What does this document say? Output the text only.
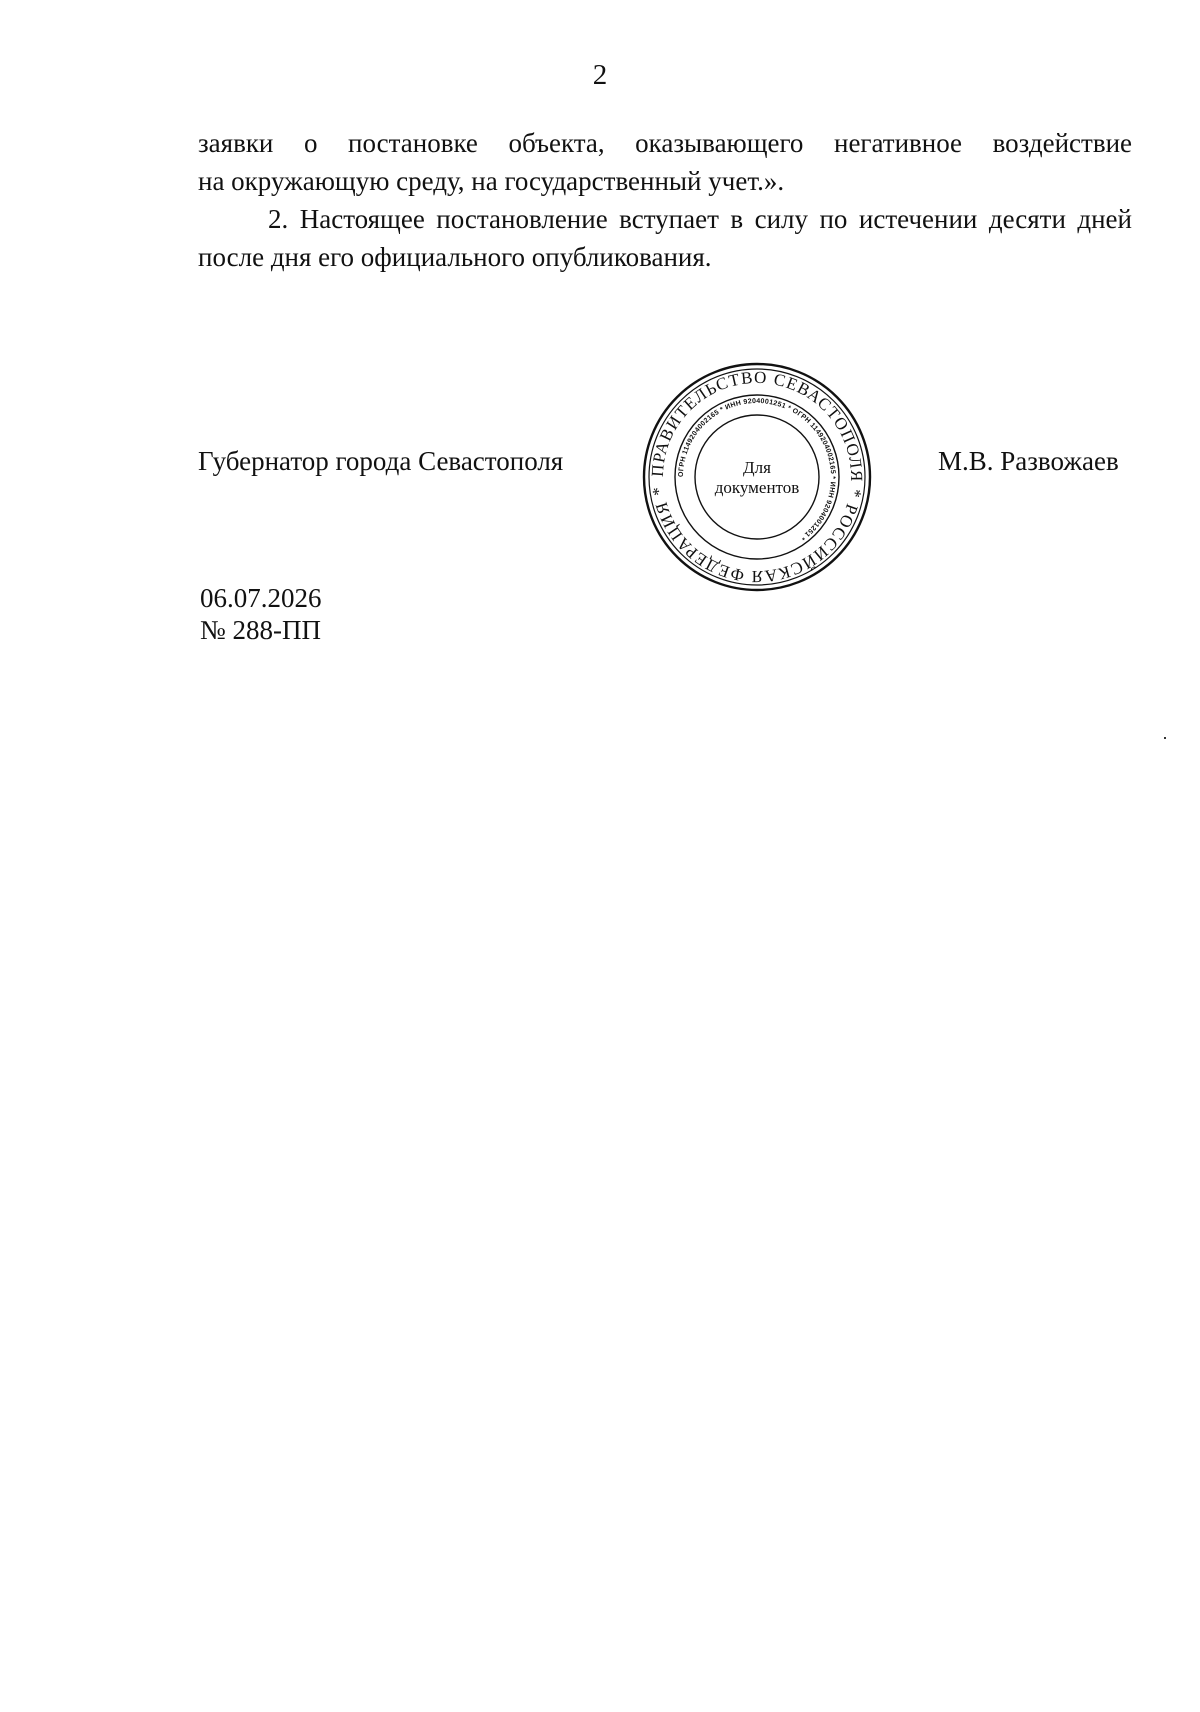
2
заявки о постановке объекта, оказывающего негативное воздействие
на окружающую среду, на государственный учет.».
2. Настоящее постановление вступает в силу по истечении десяти дней после дня его официального опубликования.
Губернатор города Севастополя	ПРАВИТЕЛЬСТВО СЕВАСТОПОЛЯ * РОССИЙСКАЯ ФЕДЕРАЦИЯ *
ОГРН 1149204002165 * ИНН 9204001251 * ОГРН 1149204002165 * ИНН 9204001251 *
Для
документов
М.В. Развожаев
06.07.2026
№ 288-ПП
